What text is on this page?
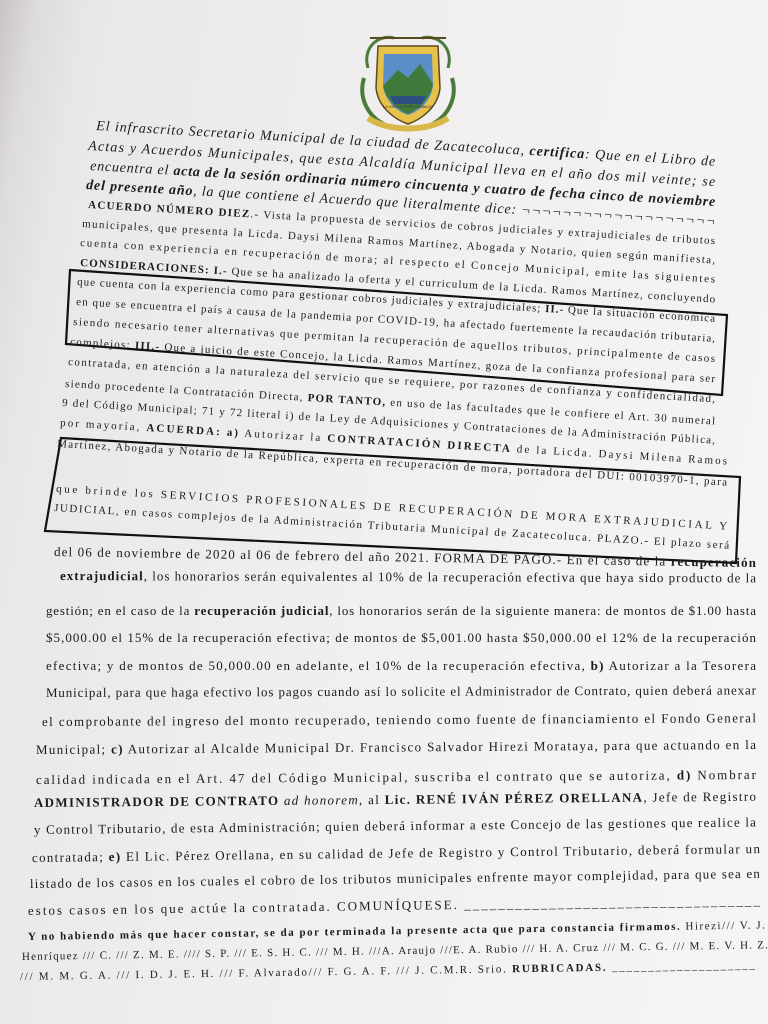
LA VIRTUD POR TRABAJO
El infrascrito Secretario Municipal de la ciudad de Zacatecoluca, certifica: Que en el Libro de
Actas y Acuerdos Municipales, que esta Alcaldía Municipal lleva en el año dos mil veinte; se
encuentra el acta de la sesión ordinaria número cincuenta y cuatro de fecha cinco de noviembre
del presente año, la que contiene el Acuerdo que literalmente dice: ¬¬¬¬¬¬¬¬¬¬¬¬¬¬¬¬¬¬¬
ACUERDO NÚMERO DIEZ.- Vista la propuesta de servicios de cobros judiciales y extrajudiciales de tributos
municipales, que presenta la Licda. Daysi Milena Ramos Martínez, Abogada y Notario, quien según manifiesta,
cuenta con experiencia en recuperación de mora; al respecto el Concejo Municipal, emite las siguientes
CONSIDERACIONES: I.- Que se ha analizado la oferta y el curriculum de la Licda. Ramos Martínez, concluyendo
que cuenta con la experiencia como para gestionar cobros judiciales y extrajudiciales; II.- Que la situación económica
en que se encuentra el país a causa de la pandemia por COVID-19, ha afectado fuertemente la recaudación tributaria,
siendo necesario tener alternativas que permitan la recuperación de aquellos tributos, principalmente de casos
complejos; III.- Que a juicio de este Concejo, la Licda. Ramos Martínez, goza de la confianza profesional para ser
contratada, en atención a la naturaleza del servicio que se requiere, por razones de confianza y confidencialidad,
siendo procedente la Contratación Directa, POR TANTO, en uso de las facultades que le confiere el Art. 30 numeral
9 del Código Municipal; 71 y 72 literal i) de la Ley de Adquisiciones y Contrataciones de la Administración Pública,
por mayoría, ACUERDA: a) Autorizar la CONTRATACIÓN DIRECTA de la Licda. Daysi Milena Ramos
Martínez, Abogada y Notario de la República, experta en recuperación de mora, portadora del DUI: 00103970-1, para
que brinde los SERVICIOS PROFESIONALES DE RECUPERACIÓN DE MORA EXTRAJUDICIAL Y
JUDICIAL, en casos complejos de la Administración Tributaria Municipal de Zacatecoluca. PLAZO.- El plazo será
del 06 de noviembre de 2020 al 06 de febrero del año 2021. FORMA DE PAGO.- En el caso de la recuperación
extrajudicial, los honorarios serán equivalentes al 10% de la recuperación efectiva que haya sido producto de la
gestión; en el caso de la recuperación judicial, los honorarios serán de la siguiente manera: de montos de $1.00 hasta
$5,000.00 el 15% de la recuperación efectiva; de montos de $5,001.00 hasta $50,000.00 el 12% de la recuperación
efectiva; y de montos de 50,000.00 en adelante, el 10% de la recuperación efectiva, b) Autorizar a la Tesorera
Municipal, para que haga efectivo los pagos cuando así lo solicite el Administrador de Contrato, quien deberá anexar
el comprobante del ingreso del monto recuperado, teniendo como fuente de financiamiento el Fondo General
Municipal; c) Autorizar al Alcalde Municipal Dr. Francisco Salvador Hirezi Morataya, para que actuando en la
calidad indicada en el Art. 47 del Código Municipal, suscriba el contrato que se autoriza, d) Nombrar
ADMINISTRADOR DE CONTRATO ad honorem, al Lic. RENÉ IVÁN PÉREZ ORELLANA, Jefe de Registro
y Control Tributario, de esta Administración; quien deberá informar a este Concejo de las gestiones que realice la
contratada; e) El Lic. Pérez Orellana, en su calidad de Jefe de Registro y Control Tributario, deberá formular un
listado de los casos en los cuales el cobro de los tributos municipales enfrente mayor complejidad, para que sea en
estos casos en los que actúe la contratada. COMUNÍQUESE. ___________________________________
Y no habiendo más que hacer constar, se da por terminada la presente acta que para constancia firmamos. Hirezi/// V. J.
Henríquez /// C. /// Z. M. E. //// S. P. /// E. S. H. C. /// M. H. ///A. Araujo ///E. A. Rubio /// H. A. Cruz /// M. C. G. /// M. E. V. H. Z.
/// M. M. G. A. /// I. D. J. E. H. /// F. Alvarado/// F. G. A. F. /// J. C.M.R. Srio. RUBRICADAS. ____________________
